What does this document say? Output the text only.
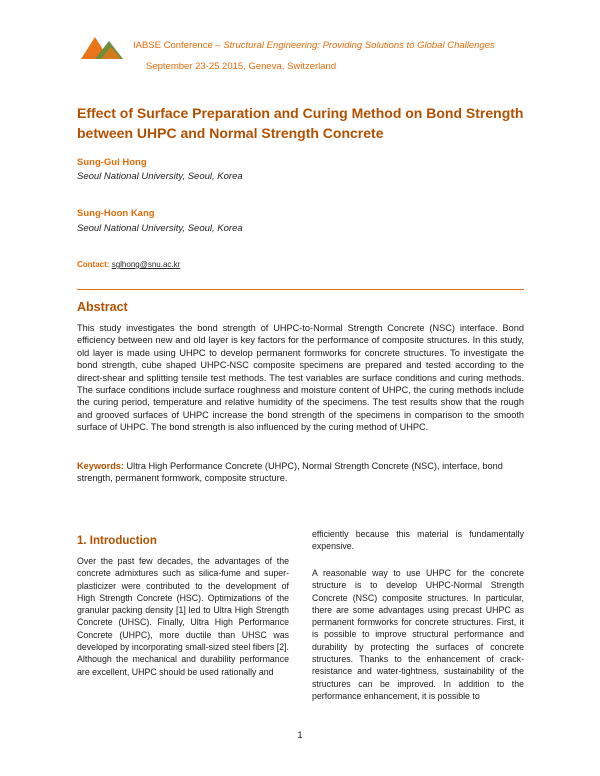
IABSE Conference – Structural Engineering: Providing Solutions to Global Challenges
September 23-25 2015, Geneva, Switzerland
Effect of Surface Preparation and Curing Method on Bond Strength between UHPC and Normal Strength Concrete
Sung-Gul Hong
Seoul National University, Seoul, Korea
Sung-Hoon Kang
Seoul National University, Seoul, Korea
Contact: sglhong@snu.ac.kr
Abstract
This study investigates the bond strength of UHPC-to-Normal Strength Concrete (NSC) interface. Bond efficiency between new and old layer is key factors for the performance of composite structures. In this study, old layer is made using UHPC to develop permanent formworks for concrete structures. To investigate the bond strength, cube shaped UHPC-NSC composite specimens are prepared and tested according to the direct-shear and splitting tensile test methods. The test variables are surface conditions and curing methods. The surface conditions include surface roughness and moisture content of UHPC, the curing methods include the curing period, temperature and relative humidity of the specimens. The test results show that the rough and grooved surfaces of UHPC increase the bond strength of the specimens in comparison to the smooth surface of UHPC. The bond strength is also influenced by the curing method of UHPC.
Keywords: Ultra High Performance Concrete (UHPC), Normal Strength Concrete (NSC), interface, bond strength, permanent formwork, composite structure.
1. Introduction
Over the past few decades, the advantages of the concrete admixtures such as silica-fume and super-plasticizer were contributed to the development of High Strength Concrete (HSC). Optimizations of the granular packing density [1] led to Ultra High Strength Concrete (UHSC). Finally, Ultra High Performance Concrete (UHPC), more ductile than UHSC was developed by incorporating small-sized steel fibers [2]. Although the mechanical and durability performance are excellent, UHPC should be used rationally and
efficiently because this material is fundamentally expensive.
A reasonable way to use UHPC for the concrete structure is to develop UHPC-Normal Strength Concrete (NSC) composite structures. In particular, there are some advantages using precast UHPC as permanent formworks for concrete structures. First, it is possible to improve structural performance and durability by protecting the surfaces of concrete structures. Thanks to the enhancement of crack-resistance and water-tightness, sustainability of the structures can be improved. In addition to the performance enhancement, it is possible to
1
